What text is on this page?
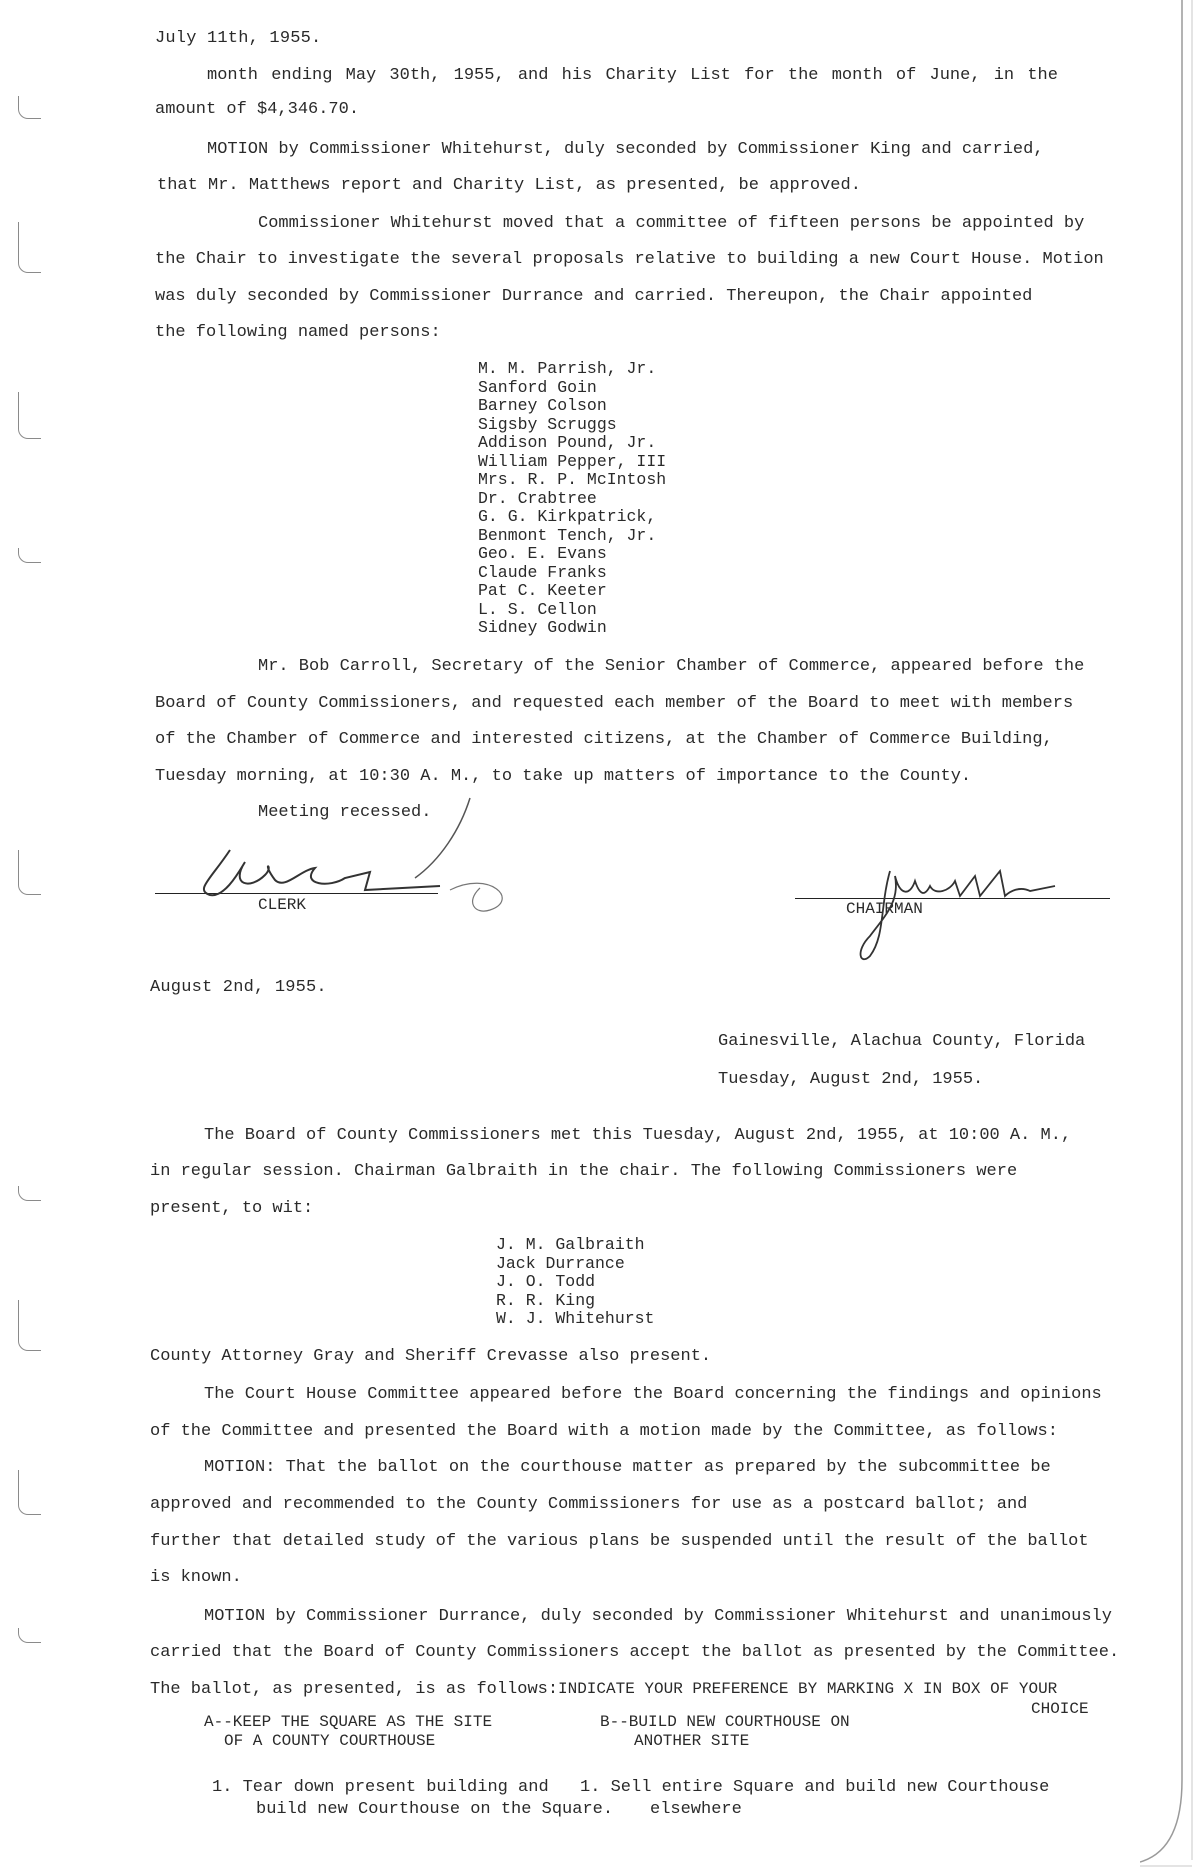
July 11th, 1955.
month ending May 30th, 1955, and his Charity List for the month of June, in the
amount of $4,346.70.
MOTION by Commissioner Whitehurst, duly seconded by Commissioner King and carried,
that Mr. Matthews report and Charity List, as presented, be approved.
Commissioner Whitehurst moved that a committee of fifteen persons be appointed by
the Chair to investigate the several proposals relative to building a new Court House. Motion
was duly seconded by Commissioner Durrance and carried. Thereupon, the Chair appointed
the following named persons:
M. M. Parrish, Jr.
Sanford Goin
Barney Colson
Sigsby Scruggs
Addison Pound, Jr.
William Pepper, III
Mrs. R. P. McIntosh
Dr. Crabtree
G. G. Kirkpatrick,
Benmont Tench, Jr.
Geo. E. Evans
Claude Franks
Pat C. Keeter
L. S. Cellon
Sidney Godwin
Mr. Bob Carroll, Secretary of the Senior Chamber of Commerce, appeared before the
Board of County Commissioners, and requested each member of the Board to meet with members
of the Chamber of Commerce and interested citizens, at the Chamber of Commerce Building,
Tuesday morning, at 10:30 A. M., to take up matters of importance to the County.
Meeting recessed.
CLERK	CHAIRMAN
August 2nd, 1955.
Gainesville, Alachua County, Florida
Tuesday, August 2nd, 1955.
The Board of County Commissioners met this Tuesday, August 2nd, 1955, at 10:00 A. M.,
in regular session. Chairman Galbraith in the chair. The following Commissioners were
present, to wit:
J. M. Galbraith
Jack Durrance
J. O. Todd
R. R. King
W. J. Whitehurst
County Attorney Gray and Sheriff Crevasse also present.
The Court House Committee appeared before the Board concerning the findings and opinions
of the Committee and presented the Board with a motion made by the Committee, as follows:
MOTION: That the ballot on the courthouse matter as prepared by the subcommittee be
approved and recommended to the County Commissioners for use as a postcard ballot; and
further that detailed study of the various plans be suspended until the result of the ballot
is known.
MOTION by Commissioner Durrance, duly seconded by Commissioner Whitehurst and unanimously
carried that the Board of County Commissioners accept the ballot as presented by the Committee.
The ballot, as presented, is as follows: INDICATE YOUR PREFERENCE BY MARKING X IN BOX OF YOUR
CHOICE
A--KEEP THE SQUARE AS THE SITE
OF A COUNTY COURTHOUSE
B--BUILD NEW COURTHOUSE ON
ANOTHER SITE
1. Tear down present building and
build new Courthouse on the Square.
1. Sell entire Square and build new Courthouse
elsewhere
